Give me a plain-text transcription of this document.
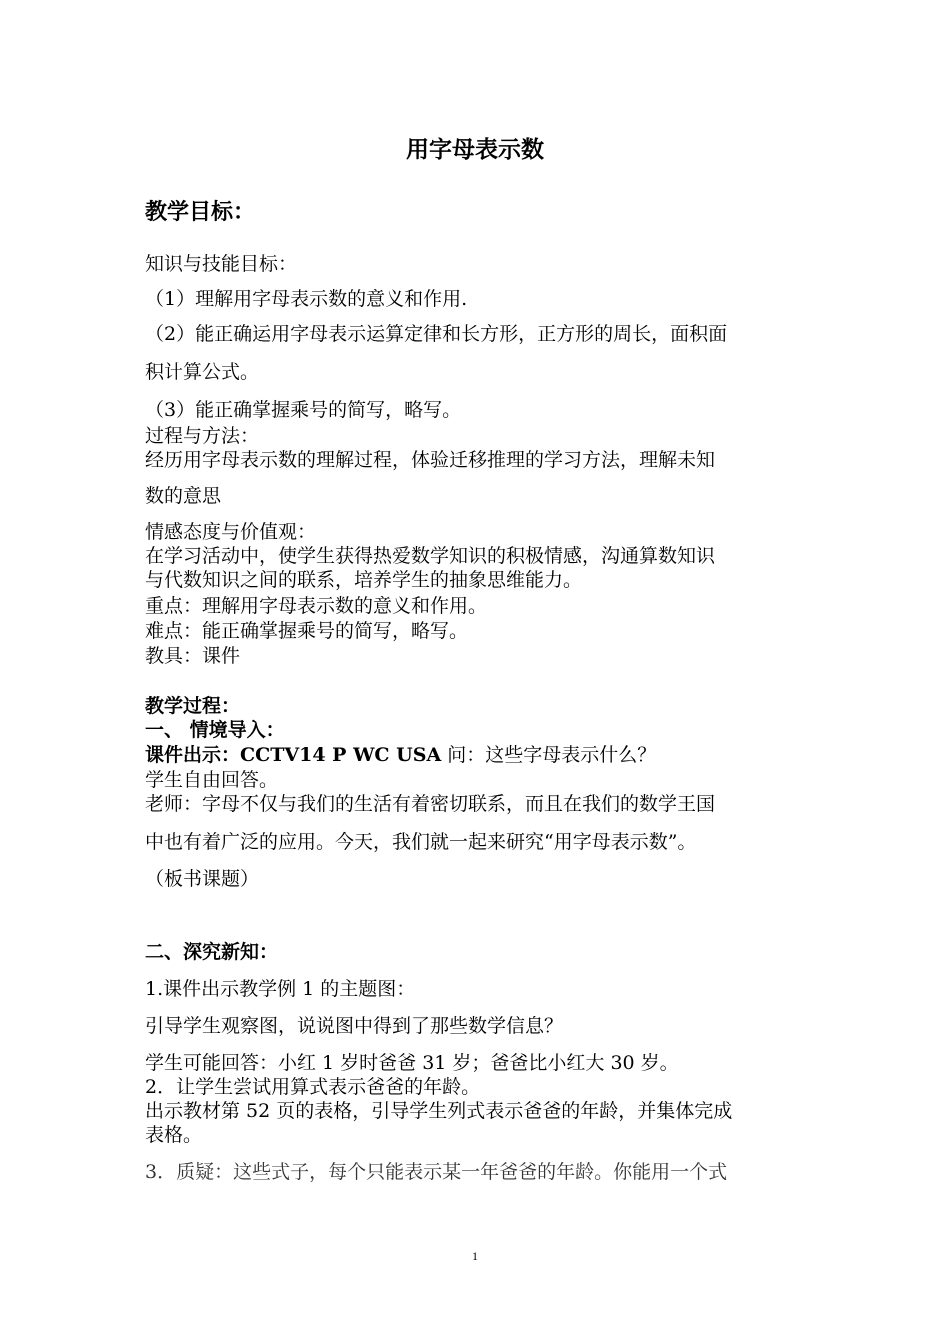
用字母表示数
教学目标：
知识与技能目标：
（1）理解用字母表示数的意义和作用.
（2）能正确运用字母表示运算定律和长方形，正方形的周长，面积面
积计算公式。
（3）能正确掌握乘号的简写，略写。
过程与方法：
经历用字母表示数的理解过程，体验迁移推理的学习方法，理解未知
数的意思
情感态度与价值观：
在学习活动中，使学生获得热爱数学知识的积极情感，沟通算数知识
与代数知识之间的联系，培养学生的抽象思维能力。
重点：理解用字母表示数的意义和作用。
难点：能正确掌握乘号的简写，略写。
教具：课件
教学过程：
一、 情境导入：
课件出示：CCTV14 P WC USA 问：这些字母表示什么？
学生自由回答。
老师：字母不仅与我们的生活有着密切联系，而且在我们的数学王国
中也有着广泛的应用。今天，我们就一起来研究“用字母表示数”。
（板书课题）
二、深究新知：
1.课件出示教学例 1 的主题图：
引导学生观察图，说说图中得到了那些数学信息？
学生可能回答：小红 1 岁时爸爸 31 岁；爸爸比小红大 30 岁。
2．让学生尝试用算式表示爸爸的年龄。
出示教材第 52 页的表格，引导学生列式表示爸爸的年龄，并集体完成
表格。
3．质疑：这些式子，每个只能表示某一年爸爸的年龄。你能用一个式
1
